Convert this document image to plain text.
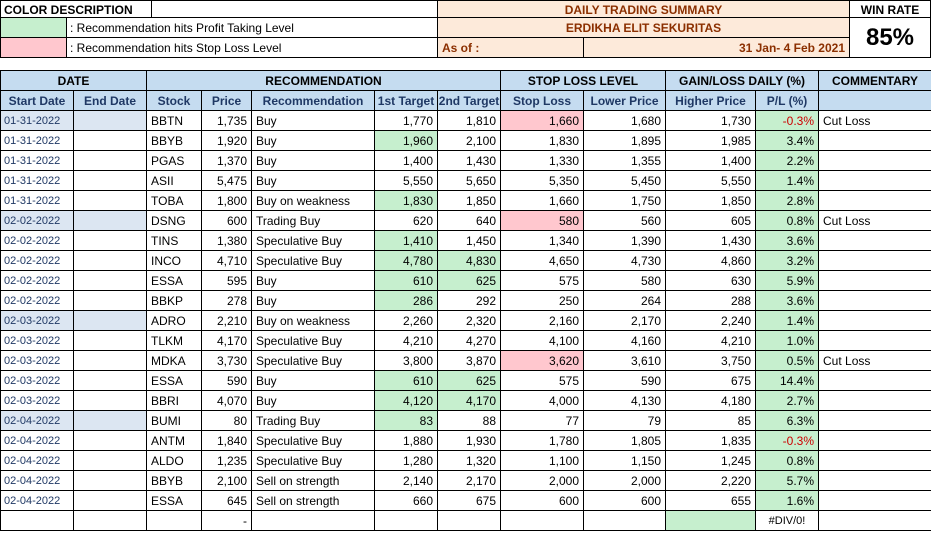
COLOR DESCRIPTION
: Recommendation hits Profit Taking Level
: Recommendation hits Stop Loss Level
DAILY TRADING SUMMARY
ERDIKHA ELIT SEKURITAS
As of :	31 Jan- 4 Feb 2021
WIN RATE
85%
DATE		RECOMMENDATION					STOP LOSS LEVEL		GAIN/LOSS DAILY (%)		COMMENTARY
Start Date	End Date	Stock	Price	Recommendation	1st Target	2nd Target	Stop Loss	Lower Price	Higher Price	P/L (%)	
01-31-2022		BBTN	1,735	Buy	1,770	1,810	1,660	1,680	1,730	-0.3%	Cut Loss
01-31-2022		BBYB	1,920	Buy	1,960	2,100	1,830	1,895	1,985	3.4%	
01-31-2022		PGAS	1,370	Buy	1,400	1,430	1,330	1,355	1,400	2.2%	
01-31-2022		ASII	5,475	Buy	5,550	5,650	5,350	5,450	5,550	1.4%	
01-31-2022		TOBA	1,800	Buy on weakness	1,830	1,850	1,660	1,750	1,850	2.8%	
02-02-2022		DSNG	600	Trading Buy	620	640	580	560	605	0.8%	Cut Loss
02-02-2022		TINS	1,380	Speculative Buy	1,410	1,450	1,340	1,390	1,430	3.6%	
02-02-2022		INCO	4,710	Speculative Buy	4,780	4,830	4,650	4,730	4,860	3.2%	
02-02-2022		ESSA	595	Buy	610	625	575	580	630	5.9%	
02-02-2022		BBKP	278	Buy	286	292	250	264	288	3.6%	
02-03-2022		ADRO	2,210	Buy on weakness	2,260	2,320	2,160	2,170	2,240	1.4%	
02-03-2022		TLKM	4,170	Speculative Buy	4,210	4,270	4,100	4,160	4,210	1.0%	
02-03-2022		MDKA	3,730	Speculative Buy	3,800	3,870	3,620	3,610	3,750	0.5%	Cut Loss
02-03-2022		ESSA	590	Buy	610	625	575	590	675	14.4%	
02-03-2022		BBRI	4,070	Buy	4,120	4,170	4,000	4,130	4,180	2.7%	
02-04-2022		BUMI	80	Trading Buy	83	88	77	79	85	6.3%	
02-04-2022		ANTM	1,840	Speculative Buy	1,880	1,930	1,780	1,805	1,835	-0.3%	
02-04-2022		ALDO	1,235	Speculative Buy	1,280	1,320	1,100	1,150	1,245	0.8%	
02-04-2022		BBYB	2,100	Sell on strength	2,140	2,170	2,000	2,000	2,220	5.7%	
02-04-2022		ESSA	645	Sell on strength	660	675	600	600	655	1.6%	
			-							#DIV/0!	
